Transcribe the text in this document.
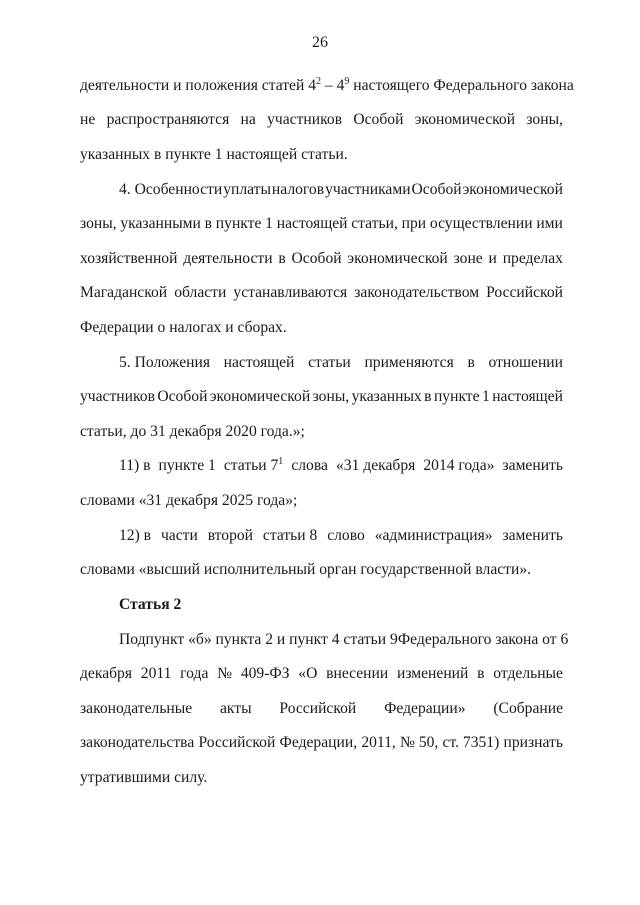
26
деятельности и положения статей $4^2 - 4^9$ настоящего Федерального закона
не распространяются на участников Особой экономической зоны,
указанных в пункте 1 настоящей статьи.
4. Особенности уплаты налогов участниками Особой экономической
зоны, указанными в пункте 1 настоящей статьи, при осуществлении ими
хозяйственной деятельности в Особой экономической зоне и пределах
Магаданской области устанавливаются законодательством Российской
Федерации о налогах и сборах.
5. Положения настоящей статьи применяются в отношении
участников Особой экономической зоны, указанных в пункте 1 настоящей
статьи, до 31 декабря 2020 года.»;
11) в пункте 1 статьи $7^1$ слова «31 декабря 2014 года» заменить
словами «31 декабря 2025 года»;
12) в части второй статьи 8 слово «администрация» заменить
словами «высший исполнительный орган государственной власти».
Статья 2
Подпункт «б» пункта 2 и пункт 4 статьи 9 Федерального закона от 6
декабря 2011 года № 409-ФЗ «О внесении изменений в отдельные
законодательные акты Российской Федерации» (Собрание
законодательства Российской Федерации, 2011, № 50, ст. 7351) признать
утратившими силу.
